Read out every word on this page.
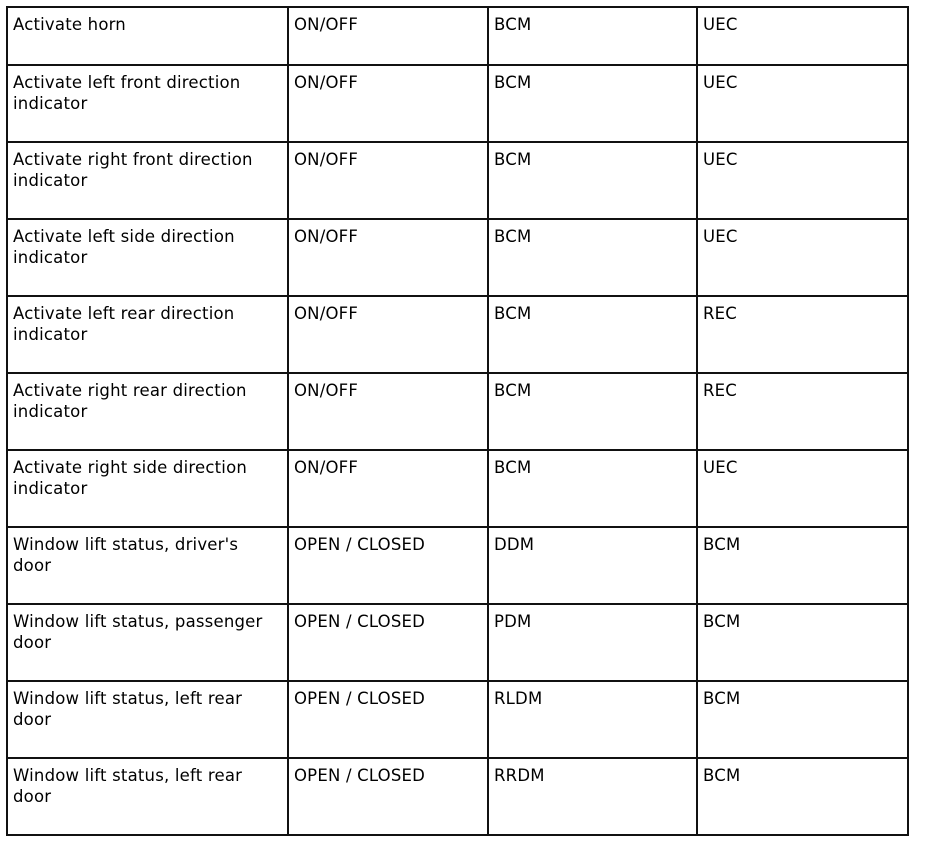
Activate horn	ON/OFF	BCM	UEC
Activate left front direction indicator	ON/OFF	BCM	UEC
Activate right front direction indicator	ON/OFF	BCM	UEC
Activate left side direction indicator	ON/OFF	BCM	UEC
Activate left rear direction indicator	ON/OFF	BCM	REC
Activate right rear direction indicator	ON/OFF	BCM	REC
Activate right side direction indicator	ON/OFF	BCM	UEC
Window lift status, driver's door	OPEN / CLOSED	DDM	BCM
Window lift status, passenger door	OPEN / CLOSED	PDM	BCM
Window lift status, left rear door	OPEN / CLOSED	RLDM	BCM
Window lift status, left rear door	OPEN / CLOSED	RRDM	BCM
